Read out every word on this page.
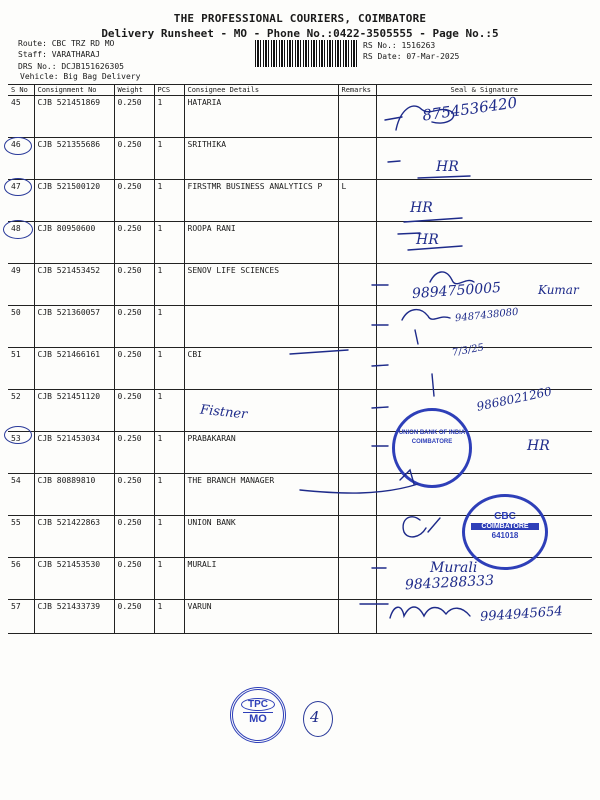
THE PROFESSIONAL COURIERS, COIMBATORE
Delivery Runsheet - MO - Phone No.:0422-3505555 - Page No.:5
Route: CBC TRZ RD MO
Staff: VARATHARAJ
DRS No.: DCJB151626305
Vehicle: Big Bag Delivery
RS No.: 1516263
RS Date: 07-Mar-2025
S No	Consignment No	Weight	PCS	Consignee Details	Remarks	Seal & Signature
45	CJB 521451869	0.250	1	HATARIA		
46	CJB 521355686	0.250	1	SRITHIKA		
47	CJB 521500120	0.250	1	FIRSTMR BUSINESS ANALYTICS P	L	
48	CJB 80950600	0.250	1	ROOPA RANI		
49	CJB 521453452	0.250	1	SENOV LIFE SCIENCES		
50	CJB 521360057	0.250	1			
51	CJB 521466161	0.250	1	CBI		
52	CJB 521451120	0.250	1			
53	CJB 521453034	0.250	1	PRABAKARAN		
54	CJB 80889810	0.250	1	THE BRANCH MANAGER		
55	CJB 521422863	0.250	1	UNION BANK		
56	CJB 521453530	0.250	1	MURALI		
57	CJB 521433739	0.250	1	VARUN		
8754536420
HR
HR
HR
9894750005	Kumar
9487438080
7/3/25
Fistner	9868021260
HR
Murali
9843288333
9944945654
UNION BANK OF INDIA
COIMBATORE
CBC
COIMBATORE
641018
TPC
MO	4
